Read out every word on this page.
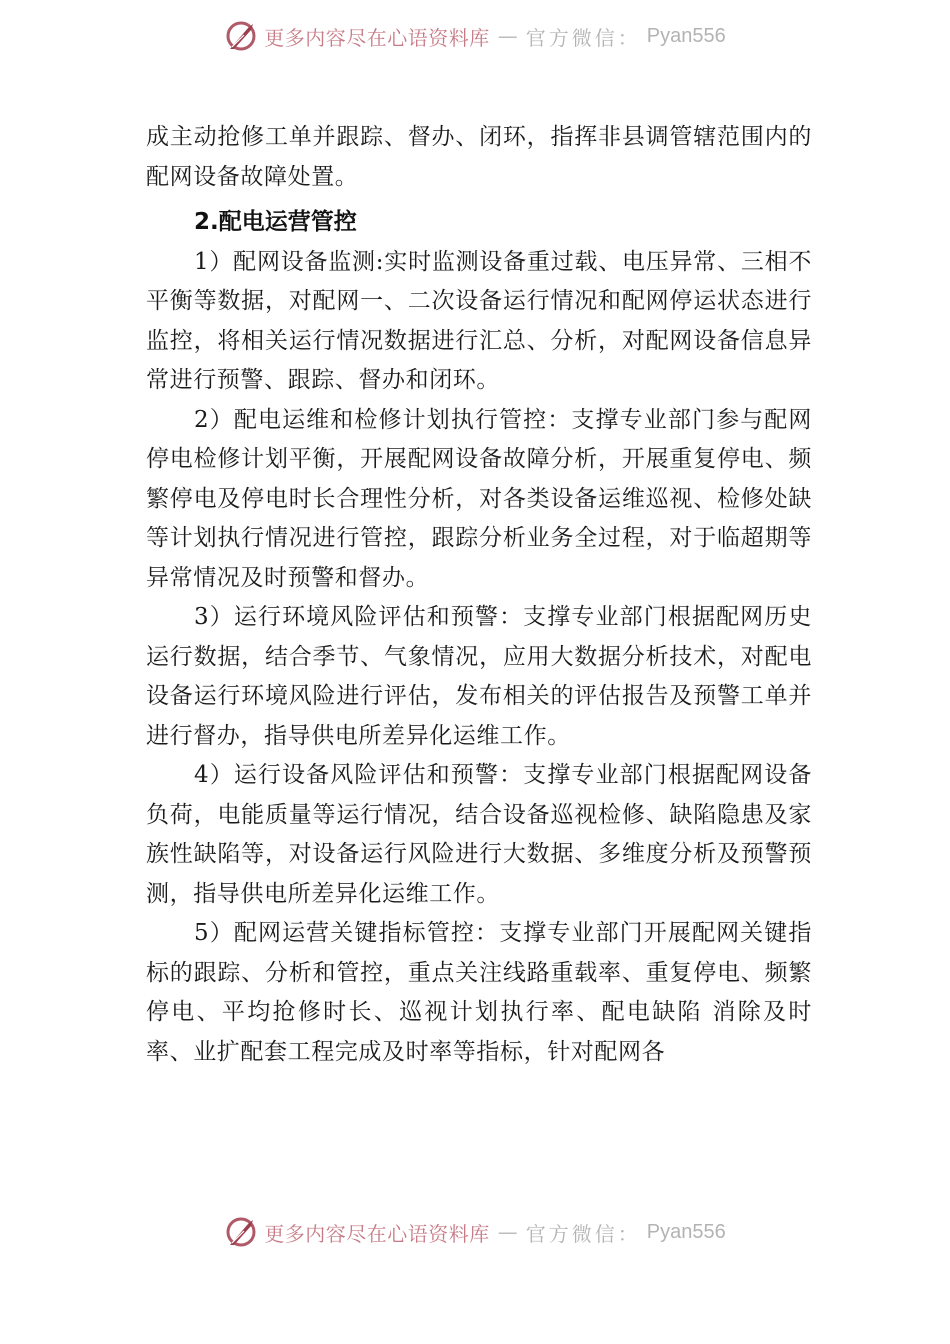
更多内容尽在心语资料库 — 官方微信： Pyan556

成主动抢修工单并跟踪、督办、闭环，指挥非县调管辖范围内的配网设备故障处置。

2.配电运营管控

1）配网设备监测:实时监测设备重过载、电压异常、三相不平衡等数据，对配网一、二次设备运行情况和配网停运状态进行监控，将相关运行情况数据进行汇总、分析，对配网设备信息异常进行预警、跟踪、督办和闭环。

2）配电运维和检修计划执行管控：支撑专业部门参与配网停电检修计划平衡，开展配网设备故障分析，开展重复停电、频繁停电及停电时长合理性分析，对各类设备运维巡视、检修处缺等计划执行情况进行管控，跟踪分析业务全过程，对于临超期等异常情况及时预警和督办。

3）运行环境风险评估和预警：支撑专业部门根据配网历史运行数据，结合季节、气象情况，应用大数据分析技术，对配电设备运行环境风险进行评估，发布相关的评估报告及预警工单并进行督办，指导供电所差异化运维工作。

4）运行设备风险评估和预警：支撑专业部门根据配网设备负荷，电能质量等运行情况，结合设备巡视检修、缺陷隐患及家族性缺陷等，对设备运行风险进行大数据、多维度分析及预警预测，指导供电所差异化运维工作。

5）配网运营关键指标管控：支撑专业部门开展配网关键指标的跟踪、分析和管控，重点关注线路重载率、重复停电、频繁停电、平均抢修时长、巡视计划执行率、配电缺陷 消除及时率、业扩配套工程完成及时率等指标，针对配网各

更多内容尽在心语资料库 — 官方微信： Pyan556
